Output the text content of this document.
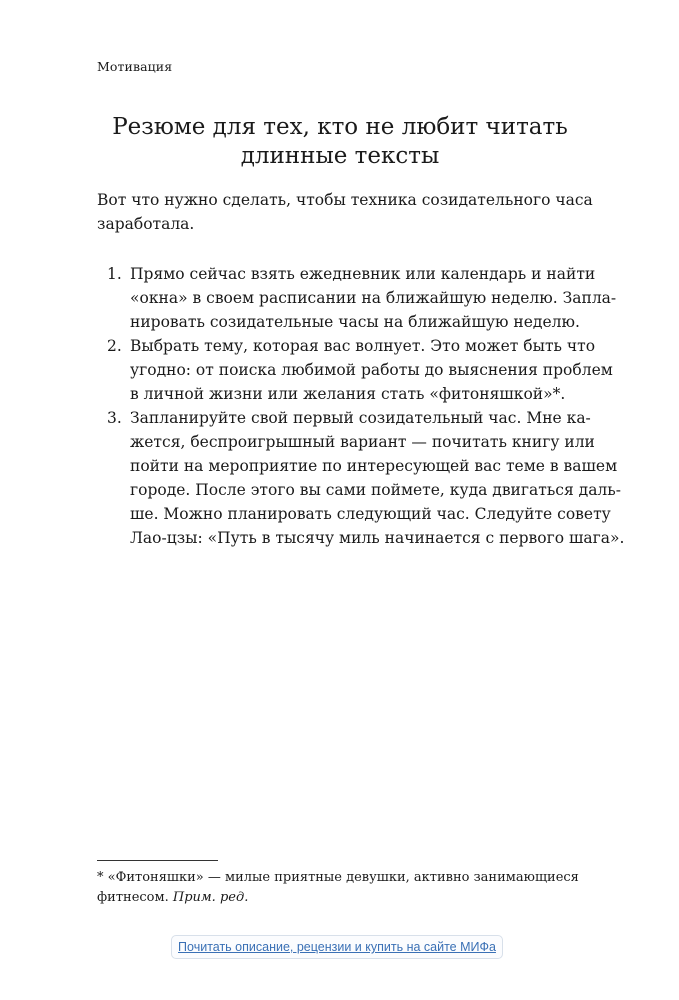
Мотивация
Резюме для тех, кто не любит читать
длинные тексты

Вот что нужно сделать, чтобы техника созидательного часа
заработала.

1. Прямо сейчас взять ежедневник или календарь и найти
«окна» в своем расписании на ближайшую неделю. Запла-
нировать созидательные часы на ближайшую неделю.
2. Выбрать тему, которая вас волнует. Это может быть что
угодно: от поиска любимой работы до выяснения проблем
в личной жизни или желания стать «фитоняшкой»*.
3. Запланируйте свой первый созидательный час. Мне ка-
жется, беспроигрышный вариант — почитать книгу или
пойти на мероприятие по интересующей вас теме в вашем
городе. После этого вы сами поймете, куда двигаться даль-
ше. Можно планировать следующий час. Следуйте совету
Лао-цзы: «Путь в тысячу миль начинается с первого шага».
* «Фитоняшки» — милые приятные девушки, активно занимающиеся
фитнесом. Прим. ред.
Почитать описание, рецензии и купить на сайте МИФа
